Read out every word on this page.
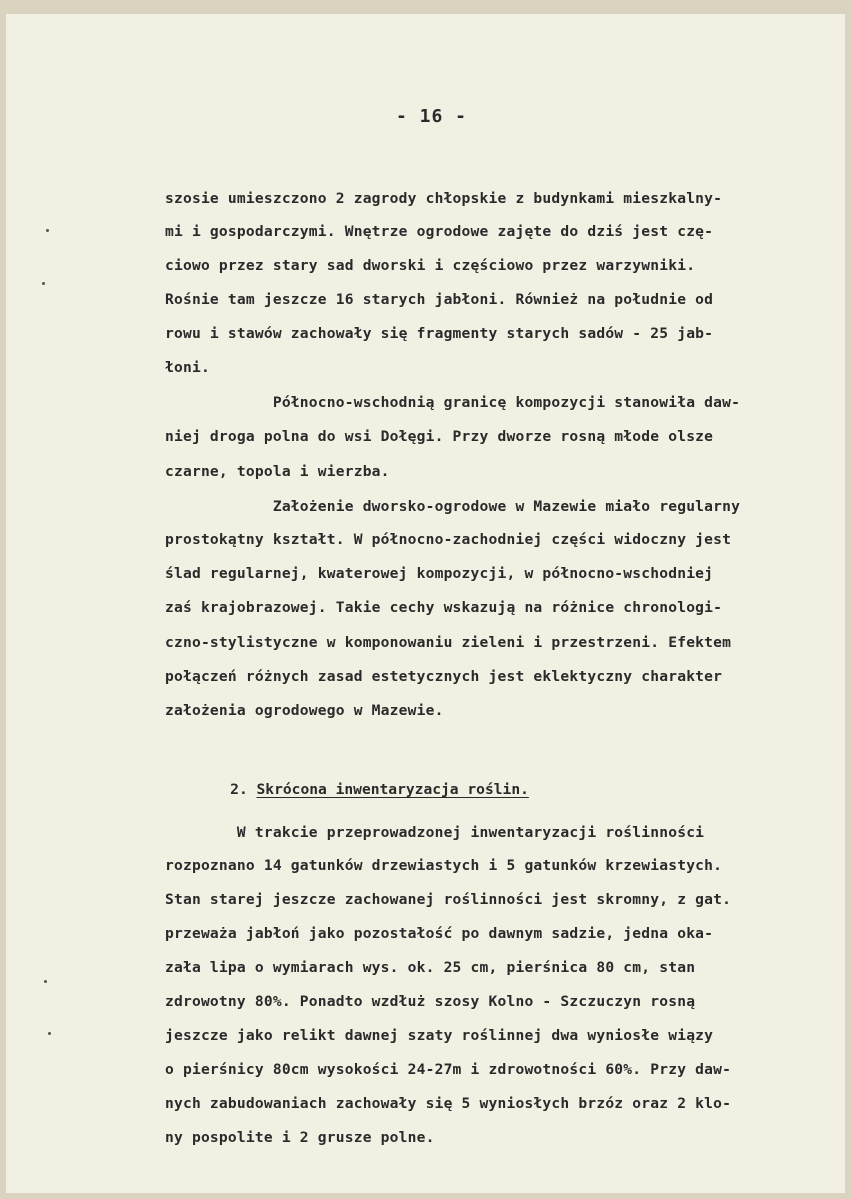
- 16 -
szosie umieszczono 2 zagrody chłopskie z budynkami mieszkalny-
mi i gospodarczymi. Wnętrze ogrodowe zajęte do dziś jest czę-
ciowo przez stary sad dworski i częściowo przez warzywniki.
Rośnie tam jeszcze 16 starych jabłoni. Również na południe od
rowu i stawów zachowały się fragmenty starych sadów - 25 jab-
łoni.
Północno-wschodnią granicę kompozycji stanowiła daw-
niej droga polna do wsi Dołęgi. Przy dworze rosną młode olsze
czarne, topola i wierzba.
Założenie dworsko-ogrodowe w Mazewie miało regularny
prostokątny kształt. W północno-zachodniej części widoczny jest
ślad regularnej, kwaterowej kompozycji, w północno-wschodniej
zaś krajobrazowej. Takie cechy wskazują na różnice chronologi-
czno-stylistyczne w komponowaniu zieleni i przestrzeni. Efektem
połączeń różnych zasad estetycznych jest eklektyczny charakter
założenia ogrodowego w Mazewie.

2. Skrócona inwentaryzacja roślin.

W trakcie przeprowadzonej inwentaryzacji roślinności
rozpoznano 14 gatunków drzewiastych i 5 gatunków krzewiastych.
Stan starej jeszcze zachowanej roślinności jest skromny, z gat.
przeważa jabłoń jako pozostałość po dawnym sadzie, jedna oka-
zała lipa o wymiarach wys. ok. 25 cm, pierśnica 80 cm, stan
zdrowotny 80%. Ponadto wzdłuż szosy Kolno - Szczuczyn rosną
jeszcze jako relikt dawnej szaty roślinnej dwa wyniosłe wiązy
o pierśnicy 80cm wysokości 24-27m i zdrowotności 60%. Przy daw-
nych zabudowaniach zachowały się 5 wyniosłych brzóz oraz 2 klo-
ny pospolite i 2 grusze polne.
